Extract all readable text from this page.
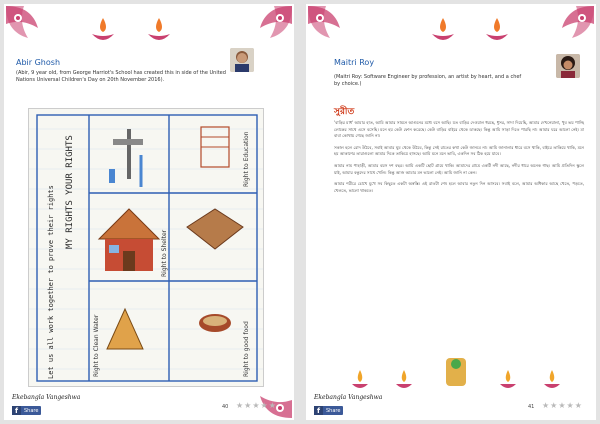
Abir Ghosh
(Abir, 9 year old, from George Harriot's School has created this in side of the United Nations Universal Children's Day on 20th November 2016).
MY RIGHTS YOUR RIGHTS
Let us all work together to prove their rights
Right to Education
Right to Shelter
Right to good food
Right to Clean Water
Ekebangla Vangeshwa
f	Share
40 ★ ★ ★ ★ ★
Maitri Roy
(Maitri Roy: Software Engineer by profession, an artist by heart, and a chef by choice.)
সুরীত

'বাড়ির মাধ' আমার হাত, আমি আমার সামনে আগুনের মধ্যে বসে আছি। যত বাড়ির দেওয়াল ধরছে, ধুসর, সাদা দিয়েছি, আমার দেখনেয়ালা, খুব ভয় পাচ্ছি লোকের সাথে এসে বসেছি। মনে হয় কেউ ফোন করেছে। কেউ বাড়ির বাইরে থেকে ডাকছে। কিন্তু আমি সাড়া দিতে পারছি না। আমার ঘরে আলো নেই। মা বাবা কোথায় গেছে জানি না।

সকাল হলে রোদ উঠবে, সবাই আবার ঘুম থেকে উঠবে, কিন্তু সেই রাতের কথা কেউ জানবে না। আমি জানালার ধারে বসে থাকি, বাইরে তাকিয়ে থাকি, মনে হয় আকাশের তারাগুলো আমার দিকে তাকিয়ে হাসছে। আমি মনে মনে ভাবি, একদিন সব ঠিক হয়ে যাবে।

আমার নাম পাহাড়ী, আমার বয়স দশ বছর। আমি একটি ছোট গ্রামে থাকি। আমাদের গ্রামে একটি নদী আছে, নদীর ধারে অনেক গাছ। আমি প্রতিদিন স্কুলে যাই, আমার বন্ধুদের সাথে খেলি। কিন্তু আজ আমার মন ভালো নেই। আমি জানি না কেন।

আমার শরীরে চোখে মুখে সব কিছুতে একটা অস্বস্তি। এই রাতটা শেষ হলে আবার নতুন দিন আসবে। সবাই বলে, আমার অধিকার আছে খেতে, পড়তে, খেলতে, ভালো থাকতে।

Ekebangla Vangeshwa
f	Share
41 ★ ★ ★ ★ ★
